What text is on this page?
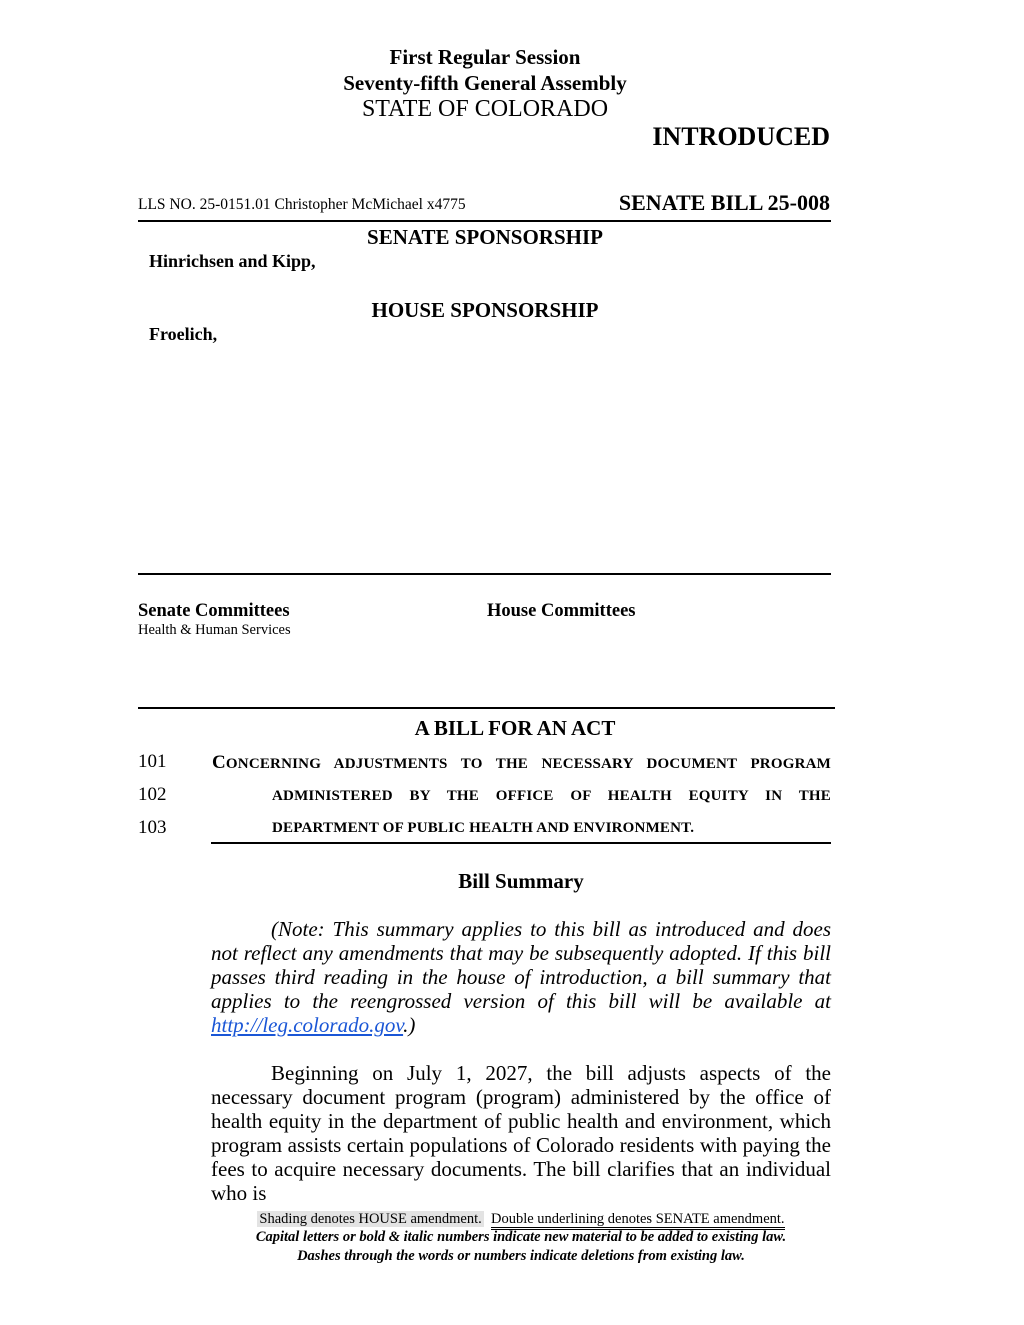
First Regular Session
Seventy-fifth General Assembly
STATE OF COLORADO
INTRODUCED
LLS NO. 25-0151.01 Christopher McMichael x4775	SENATE BILL 25-008
SENATE SPONSORSHIP
Hinrichsen and Kipp,
HOUSE SPONSORSHIP
Froelich,
Senate Committees
Health & Human Services
House Committees
A BILL FOR AN ACT
101 CONCERNING ADJUSTMENTS TO THE NECESSARY DOCUMENT PROGRAM
102	ADMINISTERED BY THE OFFICE OF HEALTH EQUITY IN THE
103	DEPARTMENT OF PUBLIC HEALTH AND ENVIRONMENT.
Bill Summary
(Note: This summary applies to this bill as introduced and does not reflect any amendments that may be subsequently adopted. If this bill passes third reading in the house of introduction, a bill summary that applies to the reengrossed version of this bill will be available at http://leg.colorado.gov.)
Beginning on July 1, 2027, the bill adjusts aspects of the necessary document program (program) administered by the office of health equity in the department of public health and environment, which program assists certain populations of Colorado residents with paying the fees to acquire necessary documents. The bill clarifies that an individual who is
Shading denotes HOUSE amendment. Double underlining denotes SENATE amendment.
Capital letters or bold & italic numbers indicate new material to be added to existing law.
Dashes through the words or numbers indicate deletions from existing law.
